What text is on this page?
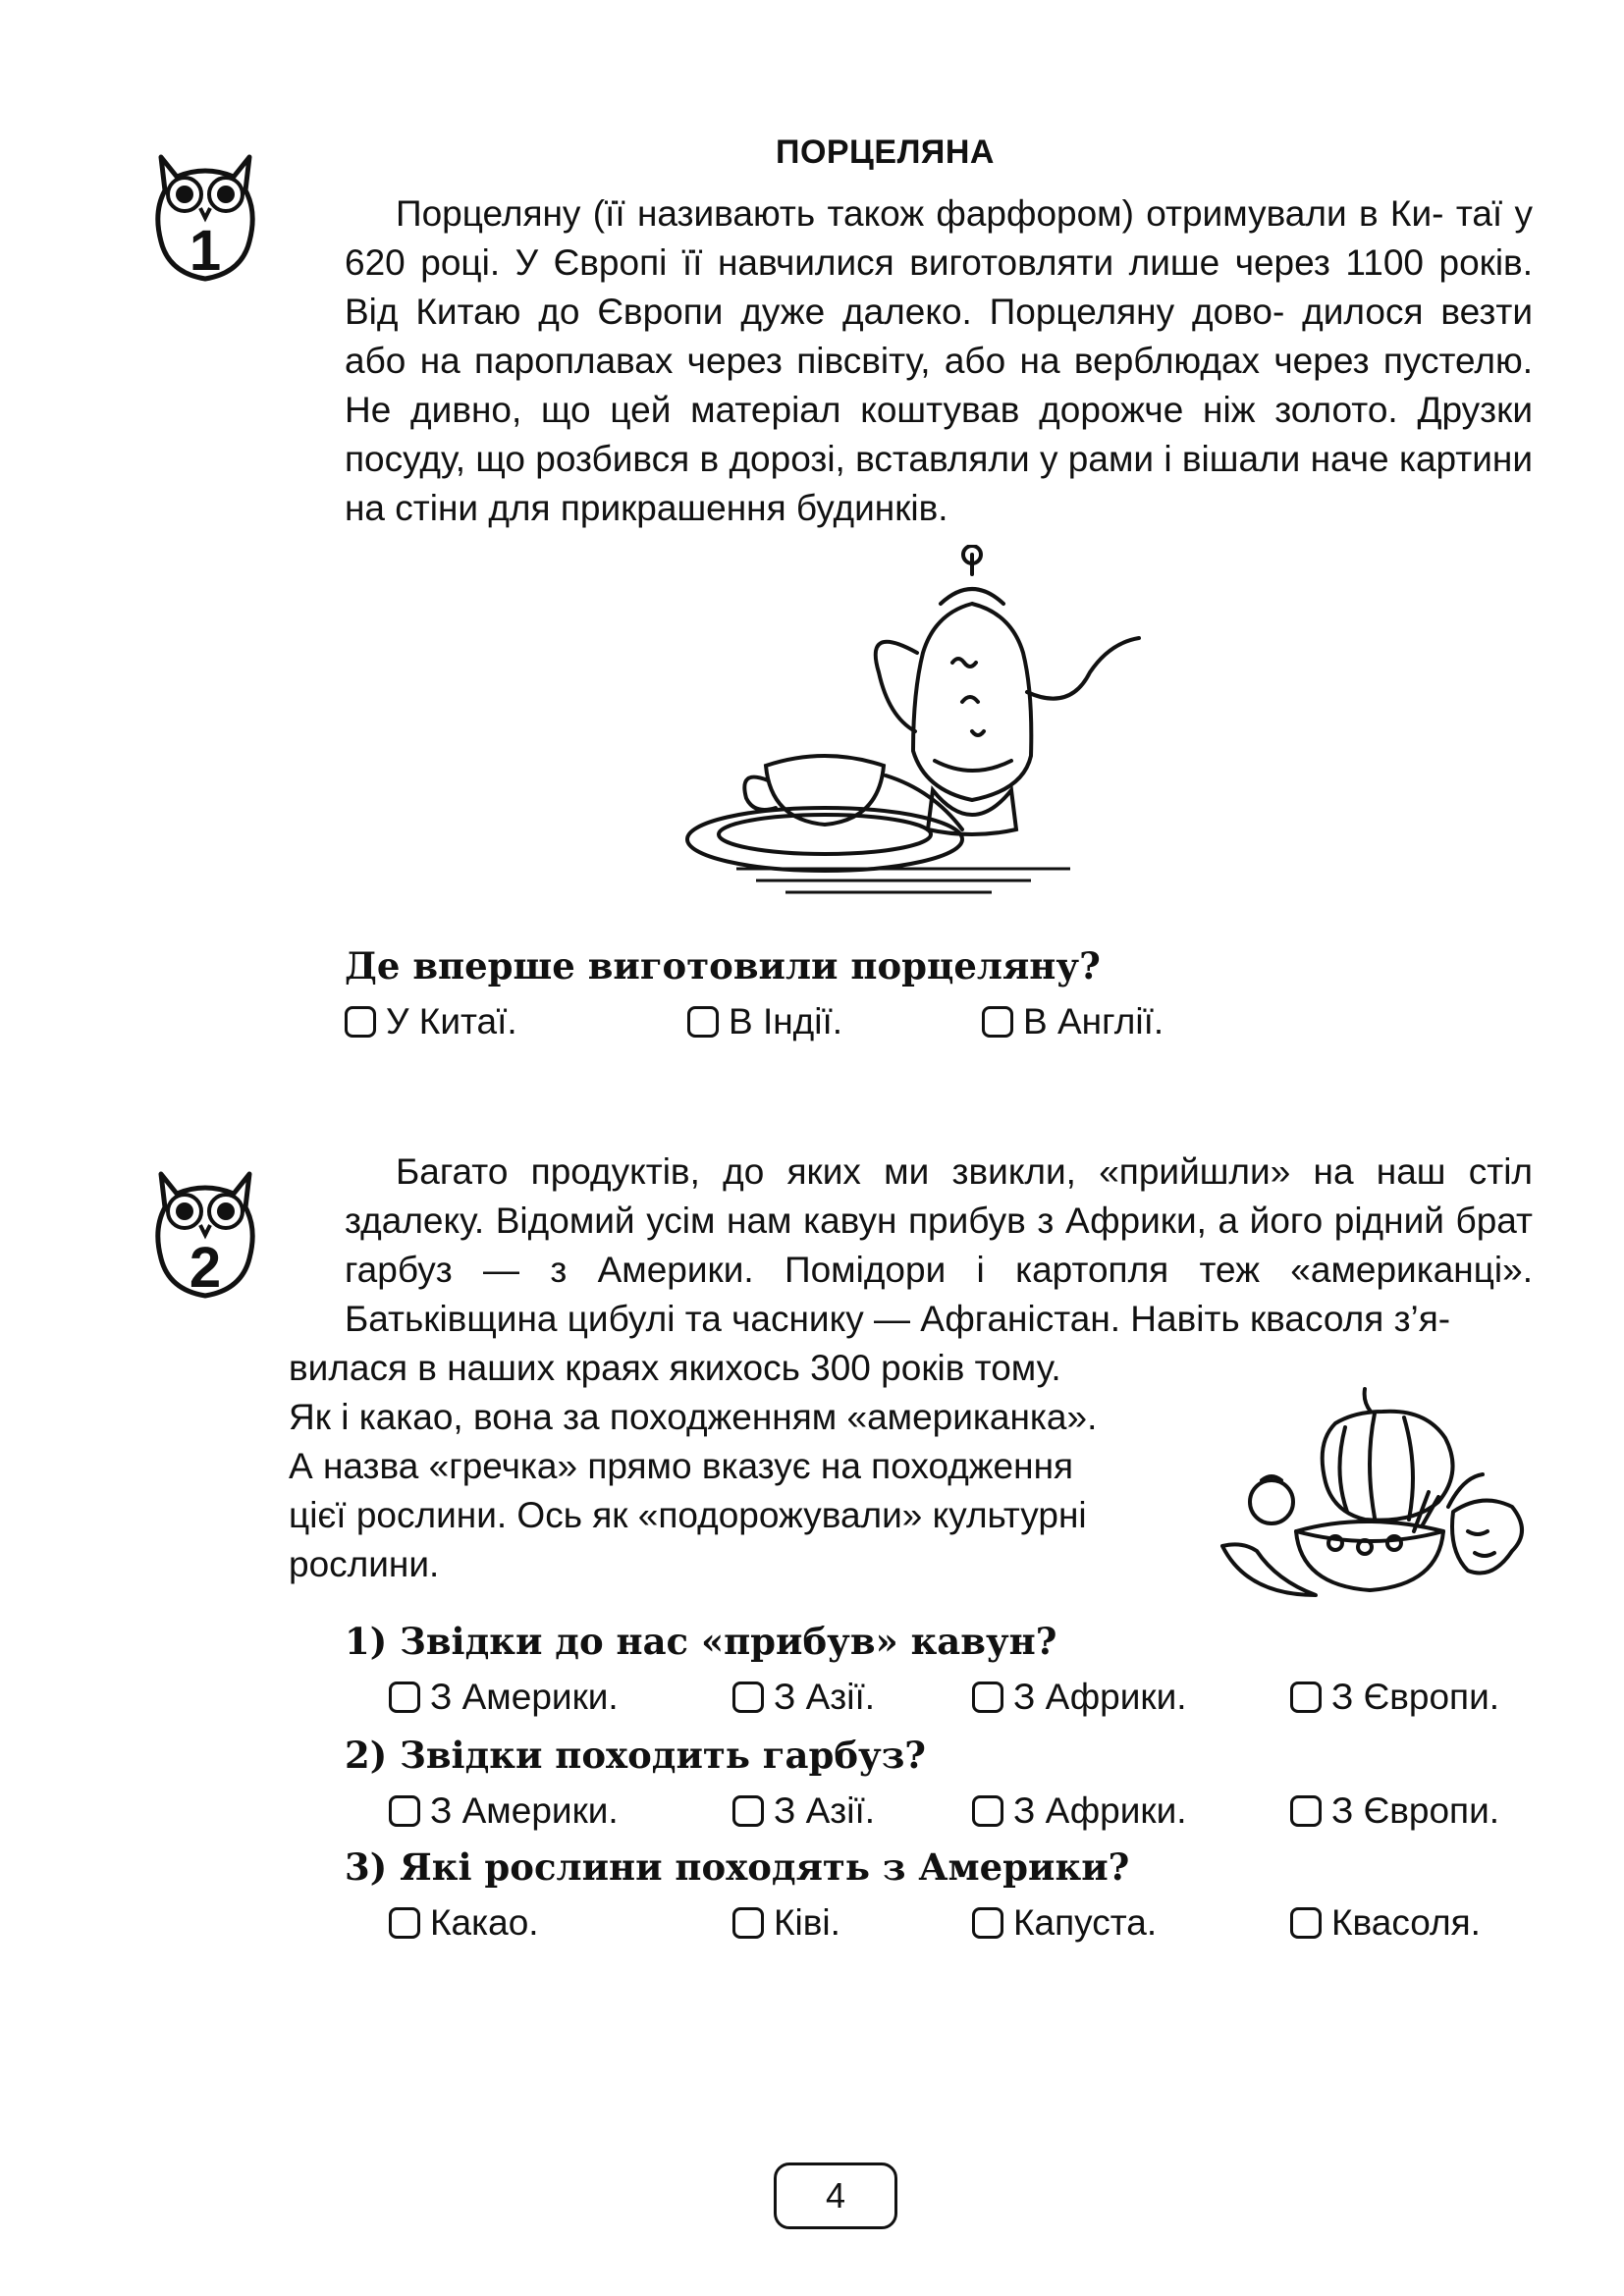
1
ПОРЦЕЛЯНА
Порцеляну (її називають також фарфором) отримували в Ки- таї у 620 році. У Європі її навчилися виготовляти лише через 1100 років. Від Китаю до Європи дуже далеко. Порцеляну дово- дилося везти або на пароплавах через півсвіту, або на верблюдах через пустелю. Не дивно, що цей матеріал коштував дорожче ніж золото. Друзки посуду, що розбився в дорозі, вставляли у рами і вішали наче картини на стіни для прикрашення будинків.
Де вперше виготовили порцеляну?
У Китаї.	В Індії.	В Англії.
2
Багато продуктів, до яких ми звикли, «прийшли» на наш стіл здалеку. Відомий усім нам кавун прибув з Африки, а його рідний брат гарбуз — з Америки. Помідори і картопля теж «американці». Батьківщина цибулі та часнику — Афганістан. Навіть квасоля з’я-
вилася в наших краях якихось 300 років тому.
Як і какао, вона за походженням «американка».
А назва «гречка» прямо вказує на походження
цієї рослини. Ось як «подорожували» культурні
рослини.
1) Звідки до нас «прибув» кавун?
З Америки.	З Азії.	З Африки.	З Європи.
2) Звідки походить гарбуз?
З Америки.	З Азії.	З Африки.	З Європи.
3) Які рослини походять з Америки?
Какао.	Ківі.	Капуста.	Квасоля.
4
